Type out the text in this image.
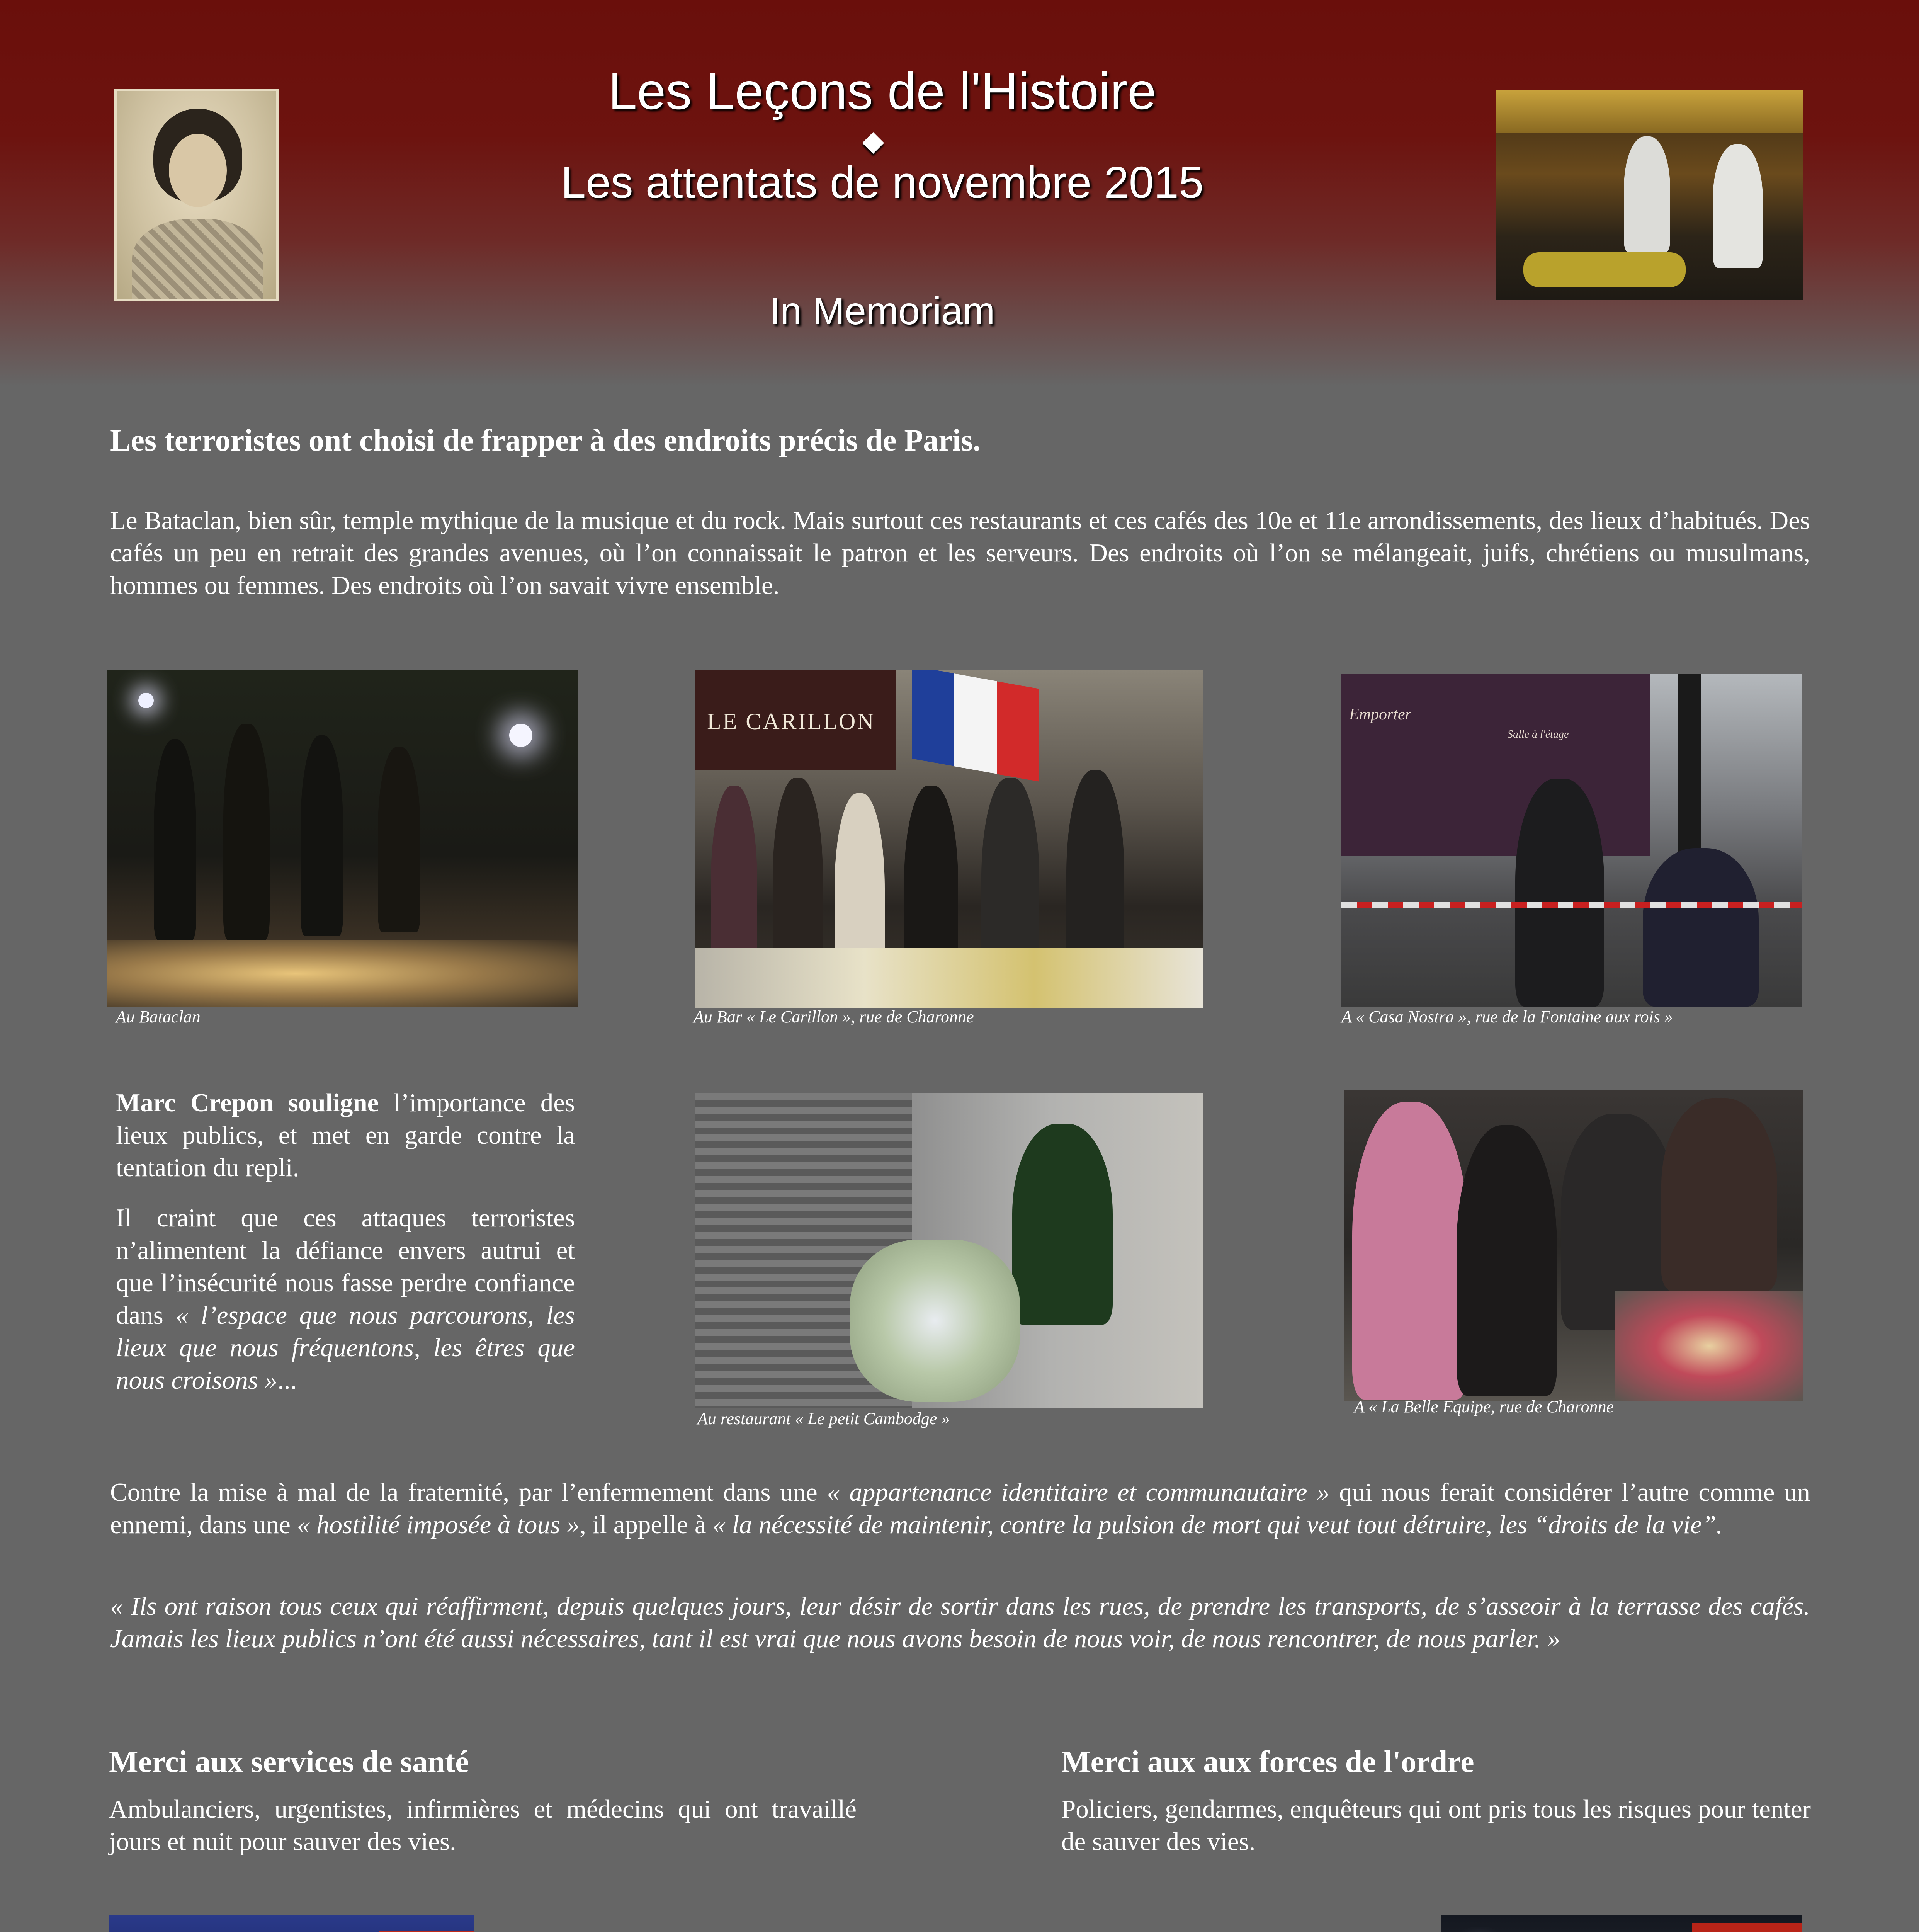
Les Leçons de l'Histoire
Les attentats de novembre 2015
In Memoriam
Les terroristes ont choisi de frapper à des endroits précis de Paris.
Le Bataclan, bien sûr, temple mythique de la musique et du rock. Mais surtout ces restaurants et ces cafés des 10e et 11e arrondissements, des lieux d’habitués. Des cafés un peu en retrait des grandes avenues, où l’on connaissait le patron et les serveurs. Des endroits où l’on se mélangeait, juifs, chrétiens ou musulmans, hommes ou femmes. Des endroits où l’on savait vivre ensemble.
Au Bataclan
LE CARILLON
Au Bar « Le Carillon », rue de Charonne
Emporter
Salle à l'étage
A « Casa Nostra », rue de la Fontaine aux rois »
Marc Crepon souligne l’importance des lieux publics, et met en garde contre la tentation du repli.
Il craint que ces attaques terroristes n’alimentent la défiance envers autrui et que l’insécurité nous fasse perdre confiance dans « l’espace que nous parcourons, les lieux que nous fréquentons, les êtres que nous croisons »...
Au restaurant « Le petit Cambodge »
A « La Belle Equipe, rue de Charonne
Contre la mise à mal de la fraternité, par l’enfermement dans une « appartenance identitaire et communautaire » qui nous ferait considérer l’autre comme un ennemi, dans une « hostilité imposée à tous », il appelle à « la nécessité de maintenir, contre la pulsion de mort qui veut tout détruire, les “droits de la vie”.
« Ils ont raison tous ceux qui réaffirment, depuis quelques jours, leur désir de sortir dans les rues, de prendre les transports, de s’asseoir à la terrasse des cafés. Jamais les lieux publics n’ont été aussi nécessaires, tant il est vrai que nous avons besoin de nous voir, de nous rencontrer, de nous parler. »
Merci aux services de santé
Ambulanciers, urgentistes, infirmières et médecins qui ont travaillé jours et nuit pour sauver des vies.
Merci aux aux forces de l'ordre
Policiers, gendarmes, enquêteurs qui ont pris tous les risques pour tenter de sauver des vies.
